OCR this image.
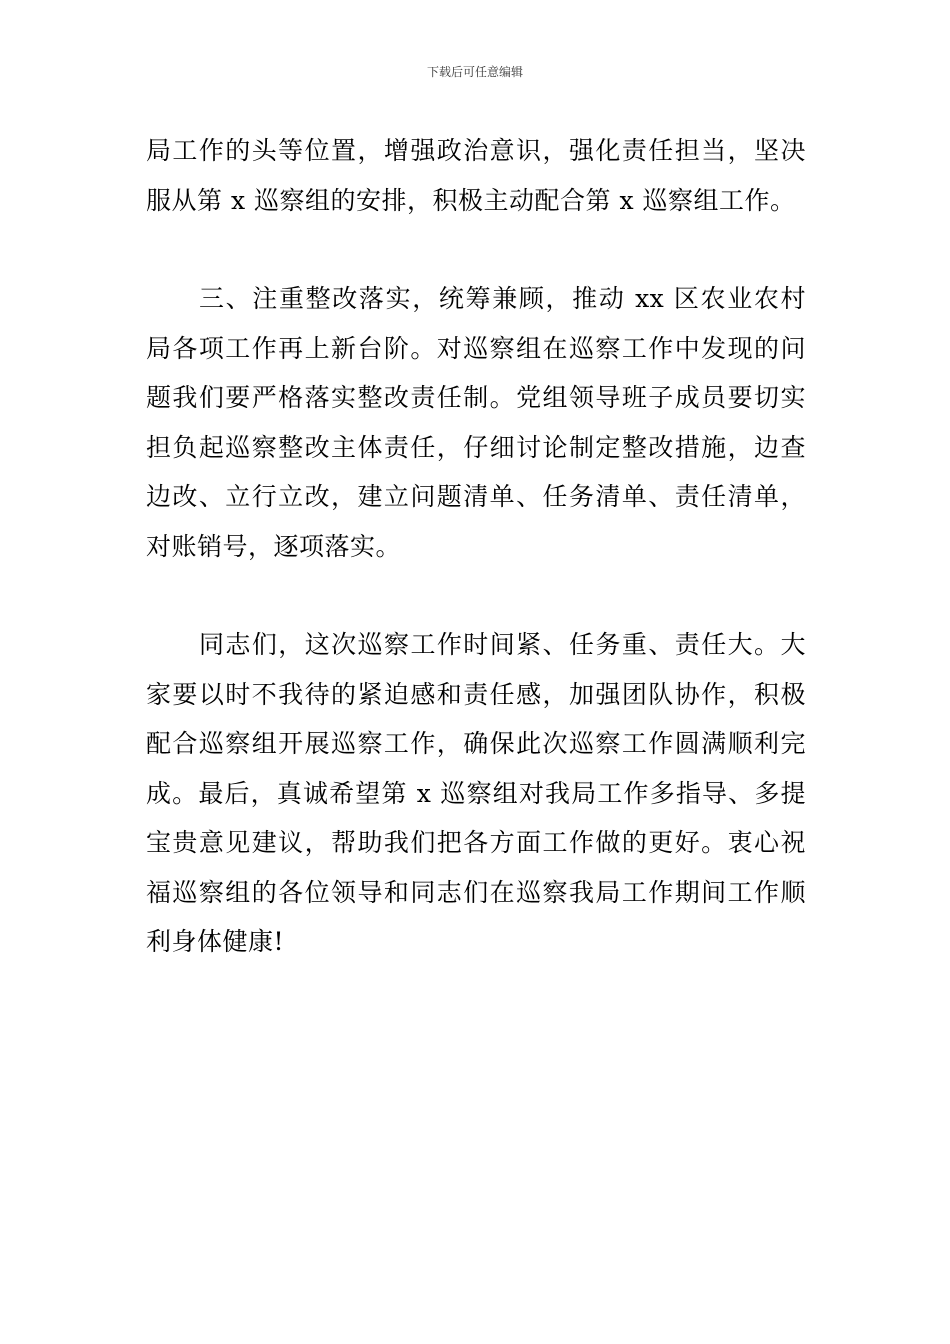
下载后可任意编辑

局工作的头等位置，增强政治意识，强化责任担当，坚决服从第 x 巡察组的安排，积极主动配合第 x 巡察组工作。

三、注重整改落实，统筹兼顾，推动 xx 区农业农村局各项工作再上新台阶。对巡察组在巡察工作中发现的问题我们要严格落实整改责任制。党组领导班子成员要切实担负起巡察整改主体责任，仔细讨论制定整改措施，边查边改、立行立改，建立问题清单、任务清单、责任清单，对账销号，逐项落实。

同志们，这次巡察工作时间紧、任务重、责任大。大家要以时不我待的紧迫感和责任感，加强团队协作，积极配合巡察组开展巡察工作，确保此次巡察工作圆满顺利完成。最后，真诚希望第 x 巡察组对我局工作多指导、多提宝贵意见建议，帮助我们把各方面工作做的更好。衷心祝福巡察组的各位领导和同志们在巡察我局工作期间工作顺利身体健康!
